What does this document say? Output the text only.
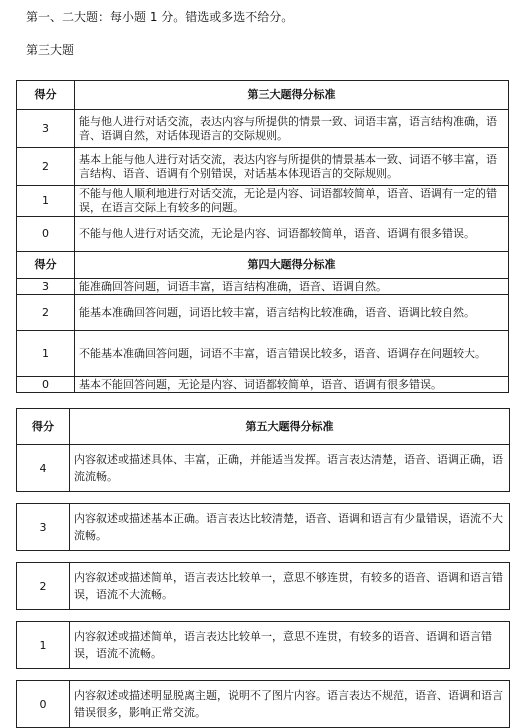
第一、二大题：每小题 1 分。错选或多选不给分。
第三大题
得分	第三大题得分标准
3	能与他人进行对话交流，表达内容与所提供的情景一致、词语丰富，语言结构准确，语音、语调自然，对话体现语言的交际规则。
2	基本上能与他人进行对话交流，表达内容与所提供的情景基本一致、词语不够丰富，语言结构、语音、语调有个别错误，对话基本体现语言的交际规则。
1	不能与他人顺利地进行对话交流，无论是内容、词语都较简单，语音、语调有一定的错误，在语言交际上有较多的问题。
0	不能与他人进行对话交流，无论是内容、词语都较简单，语音、语调有很多错误。
得分	第四大题得分标准
3	能准确回答问题，词语丰富，语言结构准确，语音、语调自然。
2	能基本准确回答问题，词语比较丰富，语言结构比较准确，语音、语调比较自然。
1	不能基本准确回答问题，词语不丰富，语言错误比较多，语音、语调存在问题较大。
0	基本不能回答问题，无论是内容、词语都较简单，语音、语调有很多错误。
得分	第五大题得分标准
4	内容叙述或描述具体、丰富，正确，并能适当发挥。语言表达清楚，语音、语调正确，语流流畅。

3	内容叙述或描述基本正确。语言表达比较清楚，语音、语调和语言有少量错误，语流不大流畅。

2	内容叙述或描述简单，语言表达比较单一，意思不够连贯，有较多的语音、语调和语言错误，语流不大流畅。

1	内容叙述或描述简单，语言表达比较单一，意思不连贯，有较多的语音、语调和语言错误，语流不流畅。

0	内容叙述或描述明显脱离主题，说明不了图片内容。语言表达不规范，语音、语调和语言错误很多，影响正常交流。
